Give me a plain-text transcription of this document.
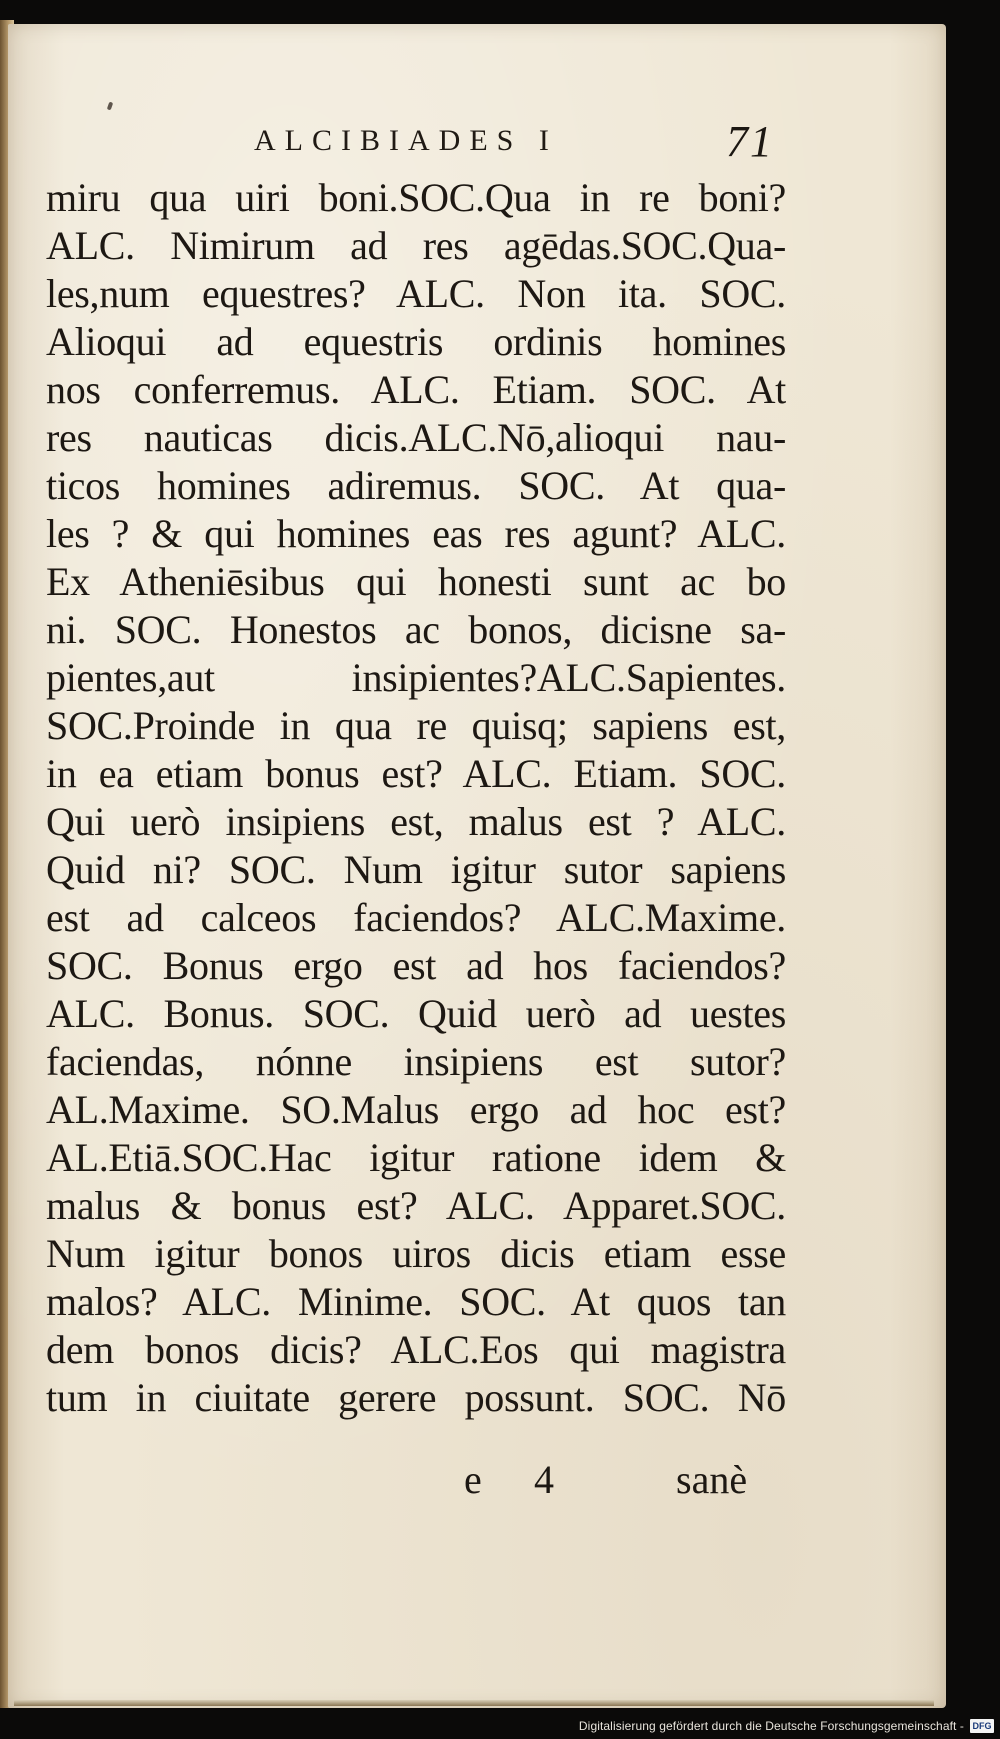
ALCIBIADES I	71
miru qua uiri boni.SOC.Qua in re boni?
ALC. Nimirum ad res agēdas.SOC.Qua-
les,num equestres? ALC. Non ita. SOC.
Alioqui ad equestris ordinis homines
nos conferremus. ALC. Etiam. SOC. At
res nauticas dicis.ALC.Nō,alioqui nau-
ticos homines adiremus. SOC. At qua-
les ? & qui homines eas res agunt? ALC.
Ex Atheniēsibus qui honesti sunt ac bo
ni. SOC. Honestos ac bonos, dicisne sa-
pientes,aut insipientes?ALC.Sapientes.
SOC.Proinde in qua re quisq; sapiens est,
in ea etiam bonus est? ALC. Etiam. SOC.
Qui uerò insipiens est, malus est ? ALC.
Quid ni? SOC. Num igitur sutor sapiens
est ad calceos faciendos? ALC.Maxime.
SOC. Bonus ergo est ad hos faciendos?
ALC. Bonus. SOC. Quid uerò ad uestes
faciendas, nónne insipiens est sutor?
AL.Maxime. SO.Malus ergo ad hoc est?
AL.Etiā.SOC.Hac igitur ratione idem &
malus & bonus est? ALC. Apparet.SOC.
Num igitur bonos uiros dicis etiam esse
malos? ALC. Minime. SOC. At quos tan
dem bonos dicis? ALC.Eos qui magistra
tum in ciuitate gerere possunt. SOC. Nō
e 4	sanè
Digitalisierung gefördert durch die Deutsche Forschungsgemeinschaft - DFG
